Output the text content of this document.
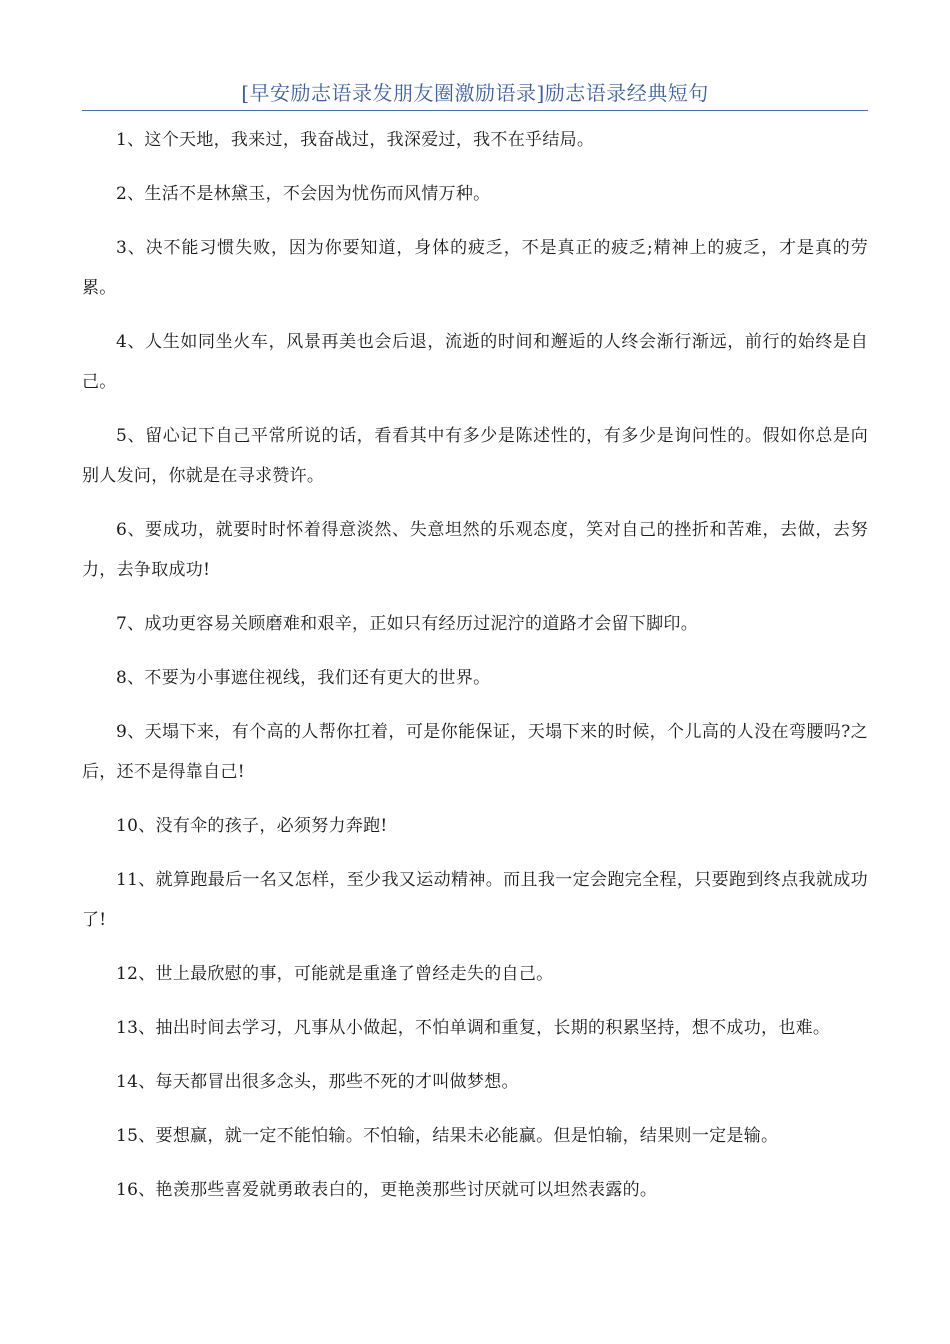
[早安励志语录发朋友圈激励语录]励志语录经典短句

1、这个天地，我来过，我奋战过，我深爱过，我不在乎结局。

2、生活不是林黛玉，不会因为忧伤而风情万种。

3、决不能习惯失败，因为你要知道，身体的疲乏，不是真正的疲乏;精神上的疲乏，才是真的劳累。

4、人生如同坐火车，风景再美也会后退，流逝的时间和邂逅的人终会渐行渐远，前行的始终是自己。

5、留心记下自己平常所说的话，看看其中有多少是陈述性的，有多少是询问性的。假如你总是向别人发问，你就是在寻求赞许。

6、要成功，就要时时怀着得意淡然、失意坦然的乐观态度，笑对自己的挫折和苦难，去做，去努力，去争取成功!

7、成功更容易关顾磨难和艰辛，正如只有经历过泥泞的道路才会留下脚印。

8、不要为小事遮住视线，我们还有更大的世界。

9、天塌下来，有个高的人帮你扛着，可是你能保证，天塌下来的时候，个儿高的人没在弯腰吗?之后，还不是得靠自己!

10、没有伞的孩子，必须努力奔跑!

11、就算跑最后一名又怎样，至少我又运动精神。而且我一定会跑完全程，只要跑到终点我就成功了!

12、世上最欣慰的事，可能就是重逢了曾经走失的自己。

13、抽出时间去学习，凡事从小做起，不怕单调和重复，长期的积累坚持，想不成功，也难。

14、每天都冒出很多念头，那些不死的才叫做梦想。

15、要想赢，就一定不能怕输。不怕输，结果未必能赢。但是怕输，结果则一定是输。

16、艳羡那些喜爱就勇敢表白的，更艳羡那些讨厌就可以坦然表露的。
